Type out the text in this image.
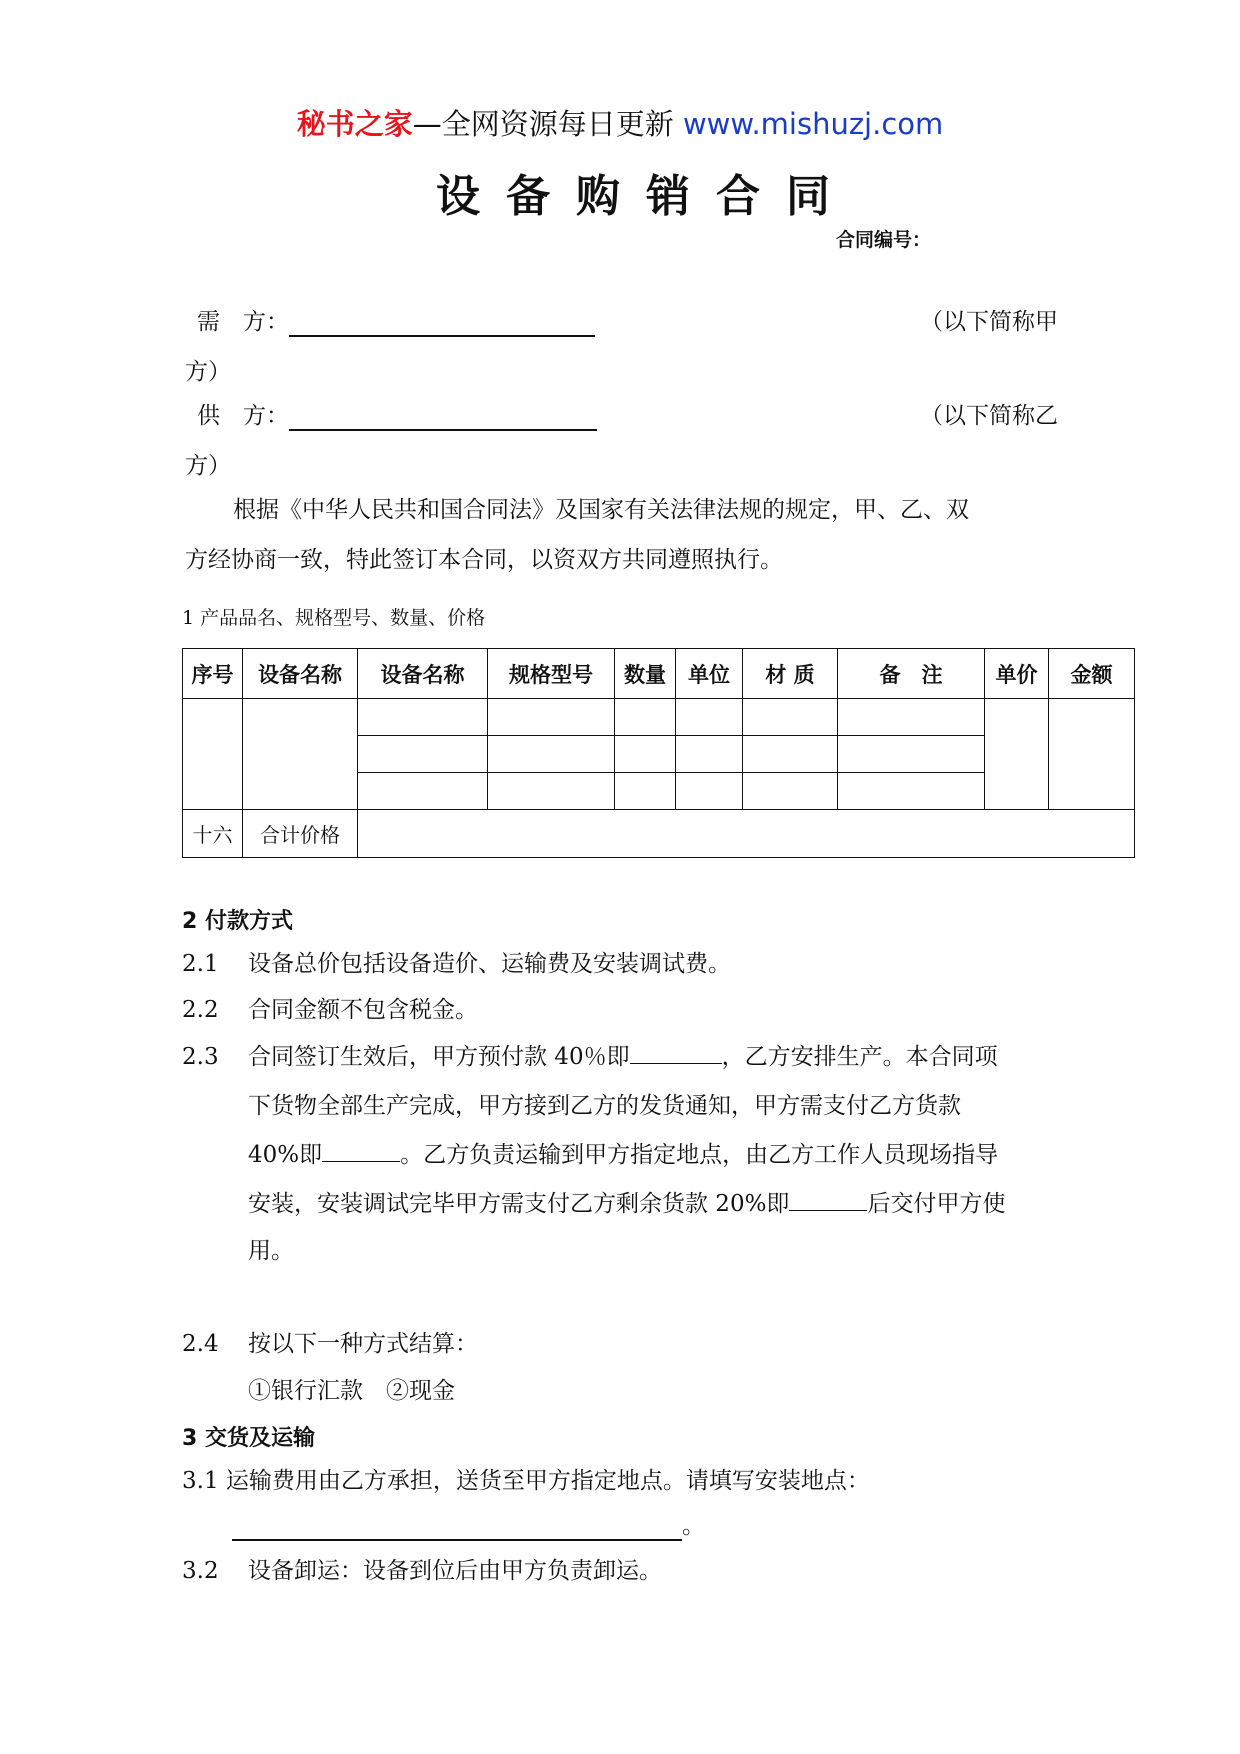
秘书之家—全网资源每日更新 www.mishuzj.com
设备购销合同
合同编号：
需　方：	（以下简称甲
方）
供　方：	（以下简称乙
方）
根据《中华人民共和国合同法》及国家有关法律法规的规定，甲、乙、双
方经协商一致，特此签订本合同，以资双方共同遵照执行。
1 产品品名、规格型号、数量、价格
序号	设备名称	设备名称	规格型号	数量	单位	材 质	备　注	单价	金额

十六	合计价格								
2 付款方式
2.1 设备总价包括设备造价、运输费及安装调试费。
2.2 合同金额不包含税金。
2.3 合同签订生效后，甲方预付款 40％即	，乙方安排生产。本合同项
下货物全部生产完成，甲方接到乙方的发货通知，甲方需支付乙方货款
40%即	。乙方负责运输到甲方指定地点，由乙方工作人员现场指导
安装，安装调试完毕甲方需支付乙方剩余货款 20%即	后交付甲方使
用。
2.4 按以下一种方式结算：
①银行汇款　②现金
3 交货及运输
3.1 运输费用由乙方承担，送货至甲方指定地点。请填写安装地点：
。
3.2 设备卸运：设备到位后由甲方负责卸运。
